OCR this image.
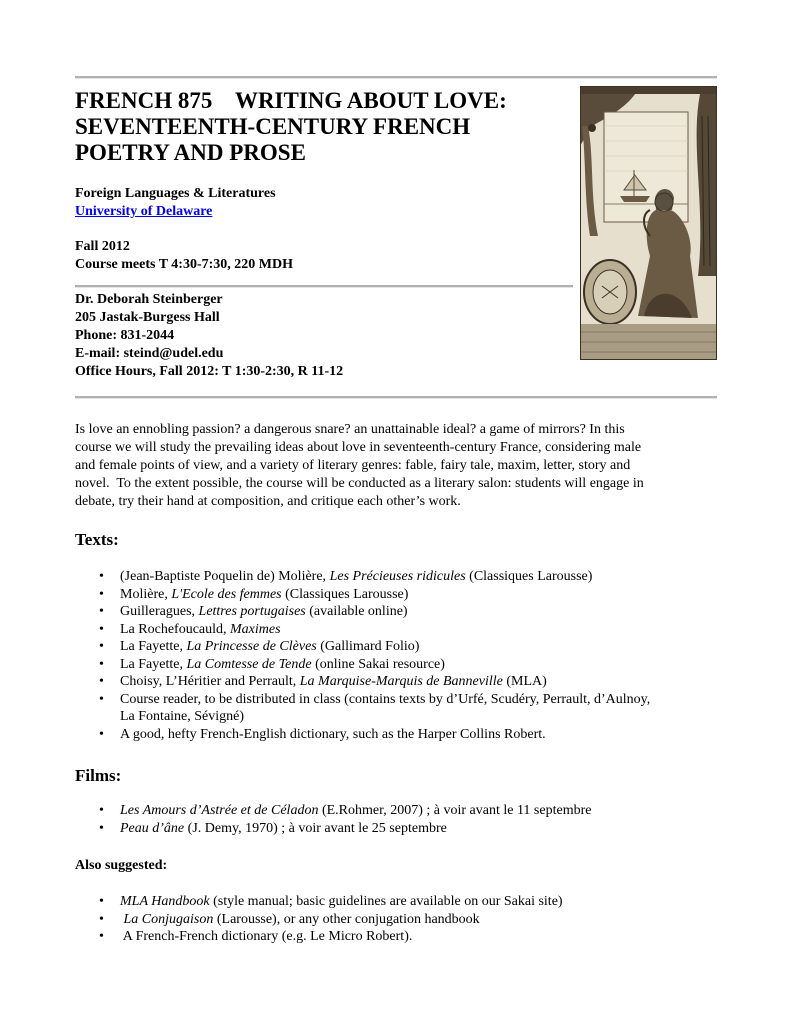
FRENCH 875    WRITING ABOUT LOVE:
SEVENTEENTH-CENTURY FRENCH
POETRY AND PROSE
Foreign Languages & Literatures
University of Delaware
Fall 2012
Course meets T 4:30-7:30, 220 MDH
Dr. Deborah Steinberger
205 Jastak-Burgess Hall
Phone: 831-2044
E-mail: steind@udel.edu
Office Hours, Fall 2012: T 1:30-2:30, R 11-12

Is love an ennobling passion? a dangerous snare? an unattainable ideal? a game of mirrors? In this
course we will study the prevailing ideas about love in seventeenth-century France, considering male
and female points of view, and a variety of literary genres: fable, fairy tale, maxim, letter, story and
novel.  To the extent possible, the course will be conducted as a literary salon: students will engage in
debate, try their hand at composition, and critique each other’s work.

Texts:
• (Jean-Baptiste Poquelin de) Molière, Les Précieuses ridicules (Classiques Larousse)
• Molière, L'Ecole des femmes (Classiques Larousse)
• Guilleragues, Lettres portugaises (available online)
• La Rochefoucauld, Maximes
• La Fayette, La Princesse de Clèves (Gallimard Folio)
• La Fayette, La Comtesse de Tende (online Sakai resource)
• Choisy, L’Héritier and Perrault, La Marquise-Marquis de Banneville (MLA)
• Course reader, to be distributed in class (contains texts by d’Urfé, Scudéry, Perrault, d’Aulnoy,
La Fontaine, Sévigné)
• A good, hefty French-English dictionary, such as the Harper Collins Robert.
Films:
• Les Amours d’Astrée et de Céladon (E.Rohmer, 2007) ; à voir avant le 11 septembre
• Peau d’âne (J. Demy, 1970) ; à voir avant le 25 septembre
Also suggested:
• MLA Handbook (style manual; basic guidelines are available on our Sakai site)
• La Conjugaison (Larousse), or any other conjugation handbook
•  A French-French dictionary (e.g. Le Micro Robert).
